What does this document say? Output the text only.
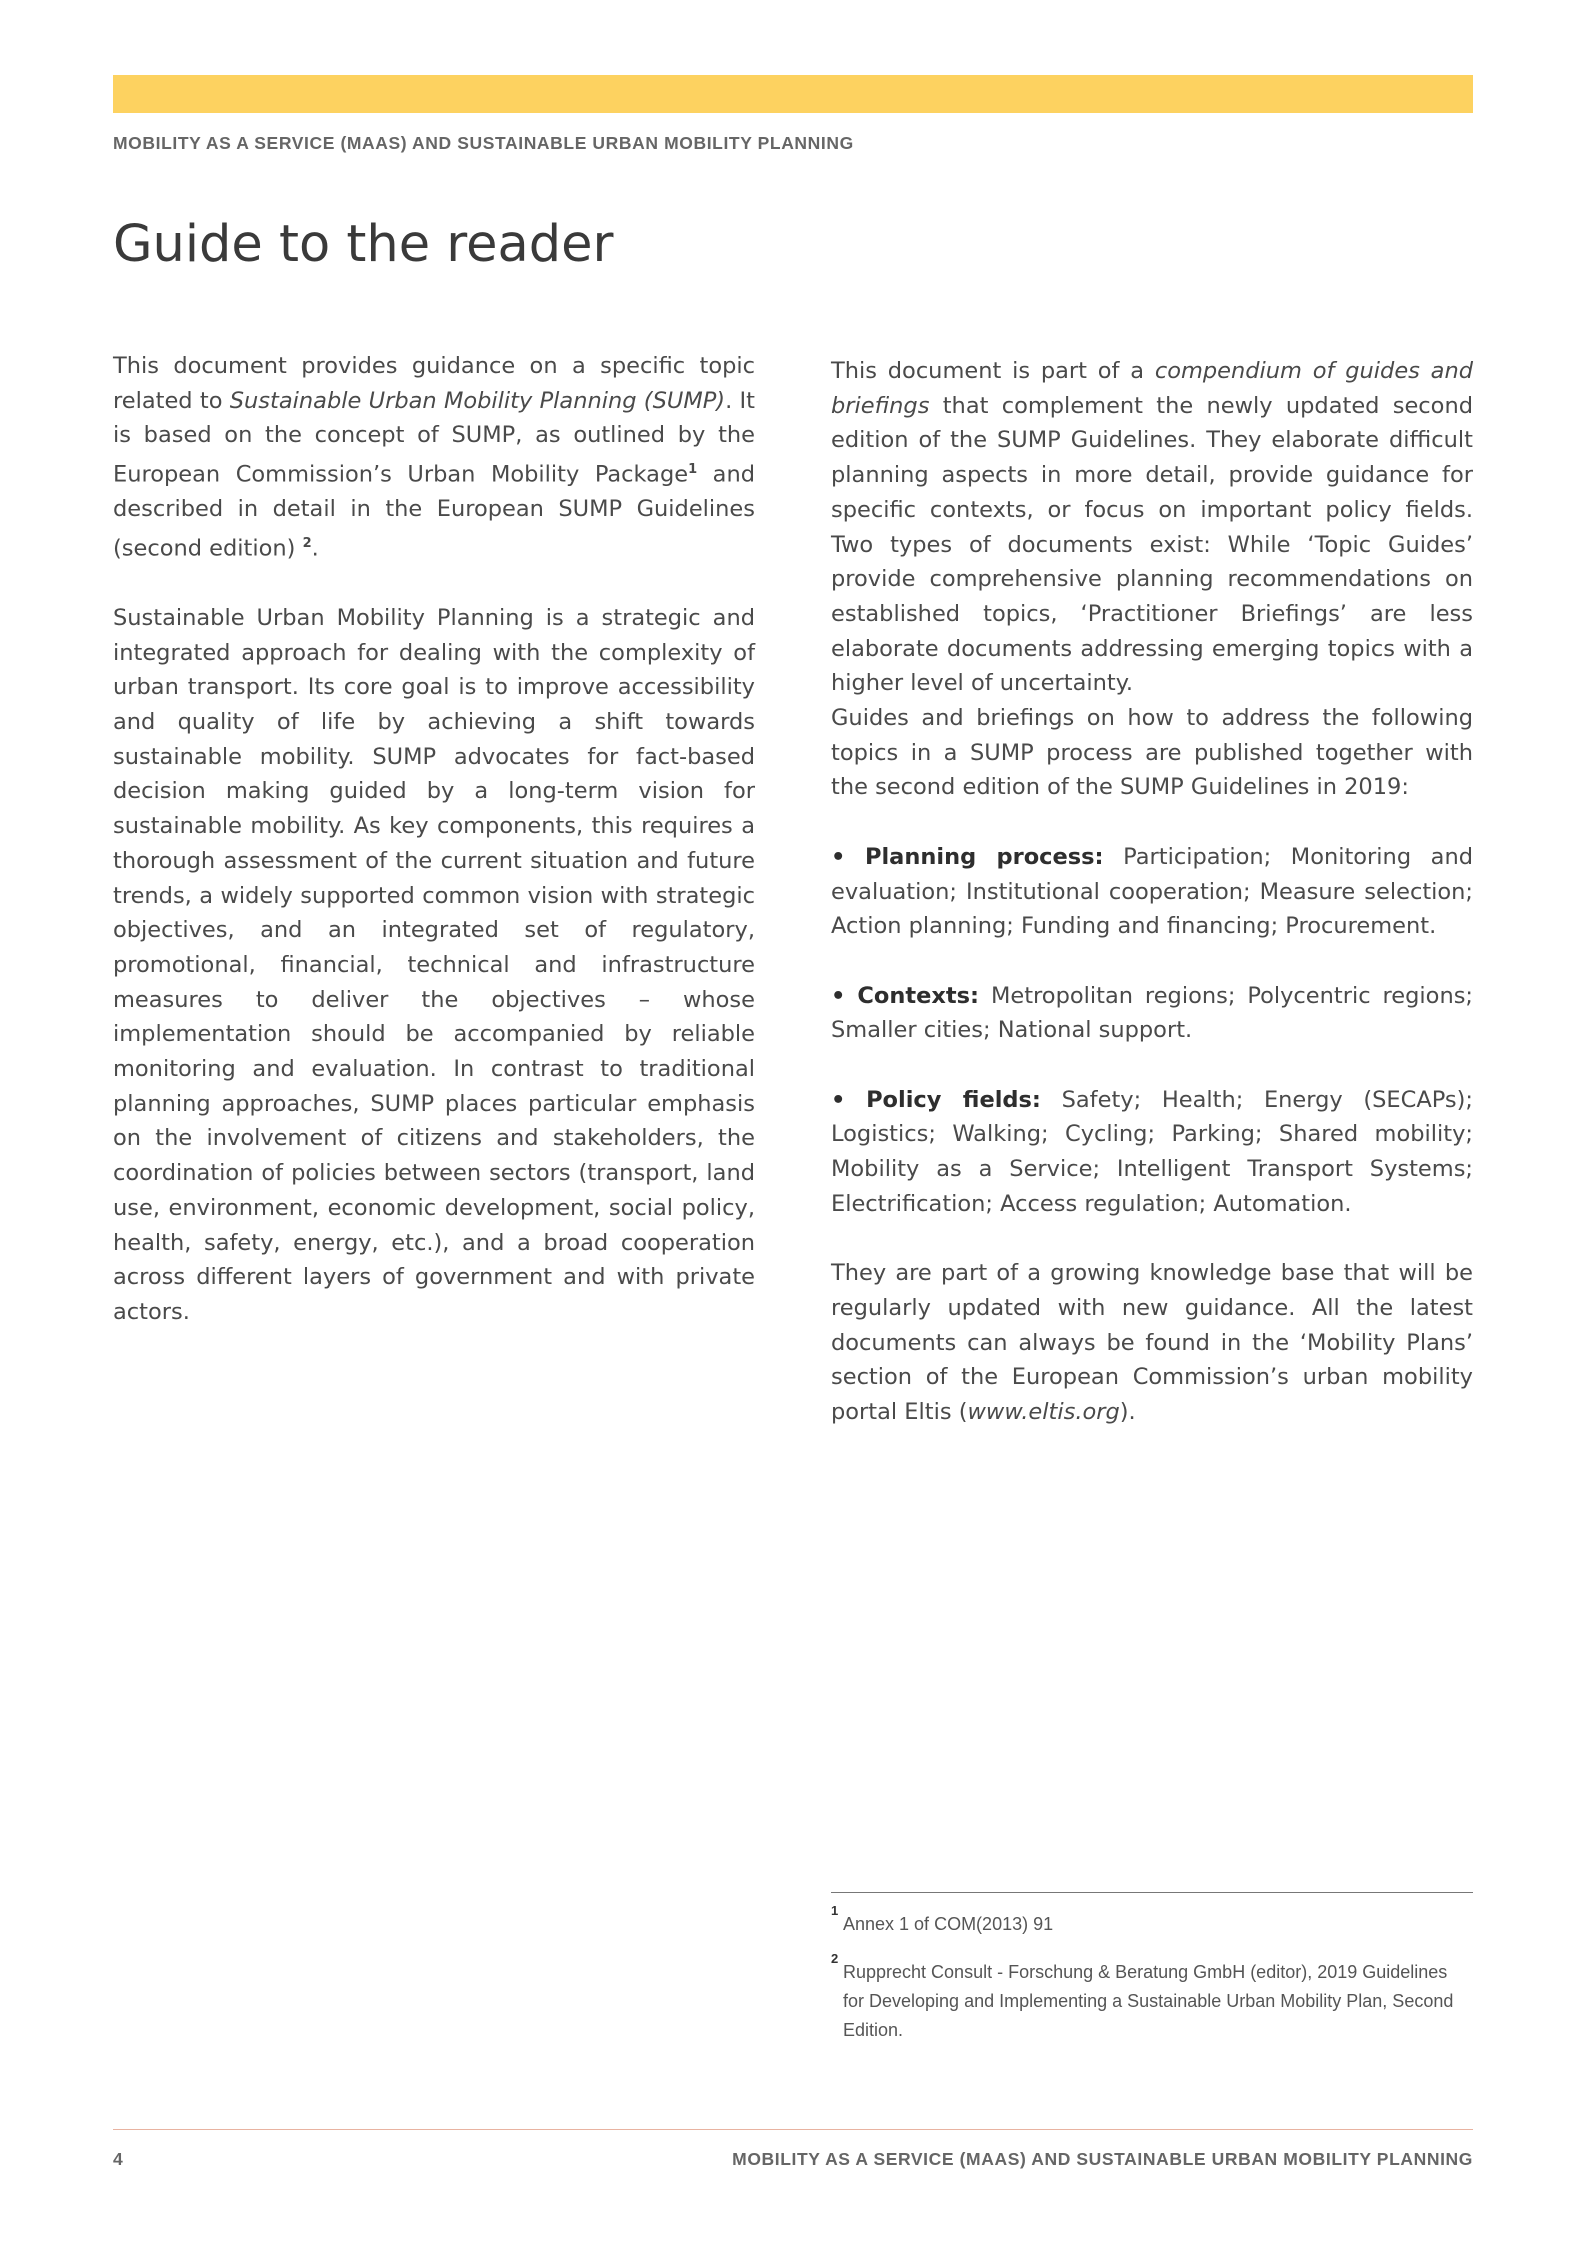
MOBILITY AS A SERVICE (MAAS) AND SUSTAINABLE URBAN MOBILITY PLANNING
Guide to the reader

This document provides guidance on a specific topic related to Sustainable Urban Mobility Planning (SUMP). It is based on the concept of SUMP, as outlined by the European Commission’s Urban Mobility Package$^1$ and described in detail in the European SUMP Guidelines (second edition) $^2$.

Sustainable Urban Mobility Planning is a strategic and integrated approach for dealing with the complexity of urban transport. Its core goal is to improve accessibility and quality of life by achieving a shift towards sustainable mobility. SUMP advocates for fact-based decision making guided by a long-term vision for sustainable mobility. As key components, this requires a thorough assessment of the current situation and future trends, a widely supported common vision with strategic objectives, and an integrated set of regulatory, promotional, financial, technical and infrastructure measures to deliver the objectives – whose implementation should be accompanied by reliable monitoring and evaluation. In contrast to traditional planning approaches, SUMP places particular emphasis on the involvement of citizens and stakeholders, the coordination of policies between sectors (transport, land use, environment, economic development, social policy, health, safety, energy, etc.), and a broad cooperation across different layers of government and with private actors.

This document is part of a compendium of guides and briefings that complement the newly updated second edition of the SUMP Guidelines. They elaborate difficult planning aspects in more detail, provide guidance for specific contexts, or focus on important policy fields. Two types of documents exist: While ‘Topic Guides’ provide comprehensive planning recommendations on established topics, ‘Practitioner Briefings’ are less elaborate documents addressing emerging topics with a higher level of uncertainty.

Guides and briefings on how to address the following topics in a SUMP process are published together with the second edition of the SUMP Guidelines in 2019:

• Planning process: Participation; Monitoring and evaluation; Institutional cooperation; Measure selection; Action planning; Funding and financing; Procurement.

• Contexts: Metropolitan regions; Polycentric regions; Smaller cities; National support.

• Policy fields: Safety; Health; Energy (SECAPs); Logistics; Walking; Cycling; Parking; Shared mobility; Mobility as a Service; Intelligent Transport Systems; Electrification; Access regulation; Automation.

They are part of a growing knowledge base that will be regularly updated with new guidance. All the latest documents can always be found in the ‘Mobility Plans’ section of the European Commission’s urban mobility portal Eltis (www.eltis.org).

1
Annex 1 of COM(2013) 91
2
Rupprecht Consult - Forschung & Beratung GmbH (editor), 2019 Guidelines for Developing and Implementing a Sustainable Urban Mobility Plan, Second Edition.
4	MOBILITY AS A SERVICE (MAAS) AND SUSTAINABLE URBAN MOBILITY PLANNING
